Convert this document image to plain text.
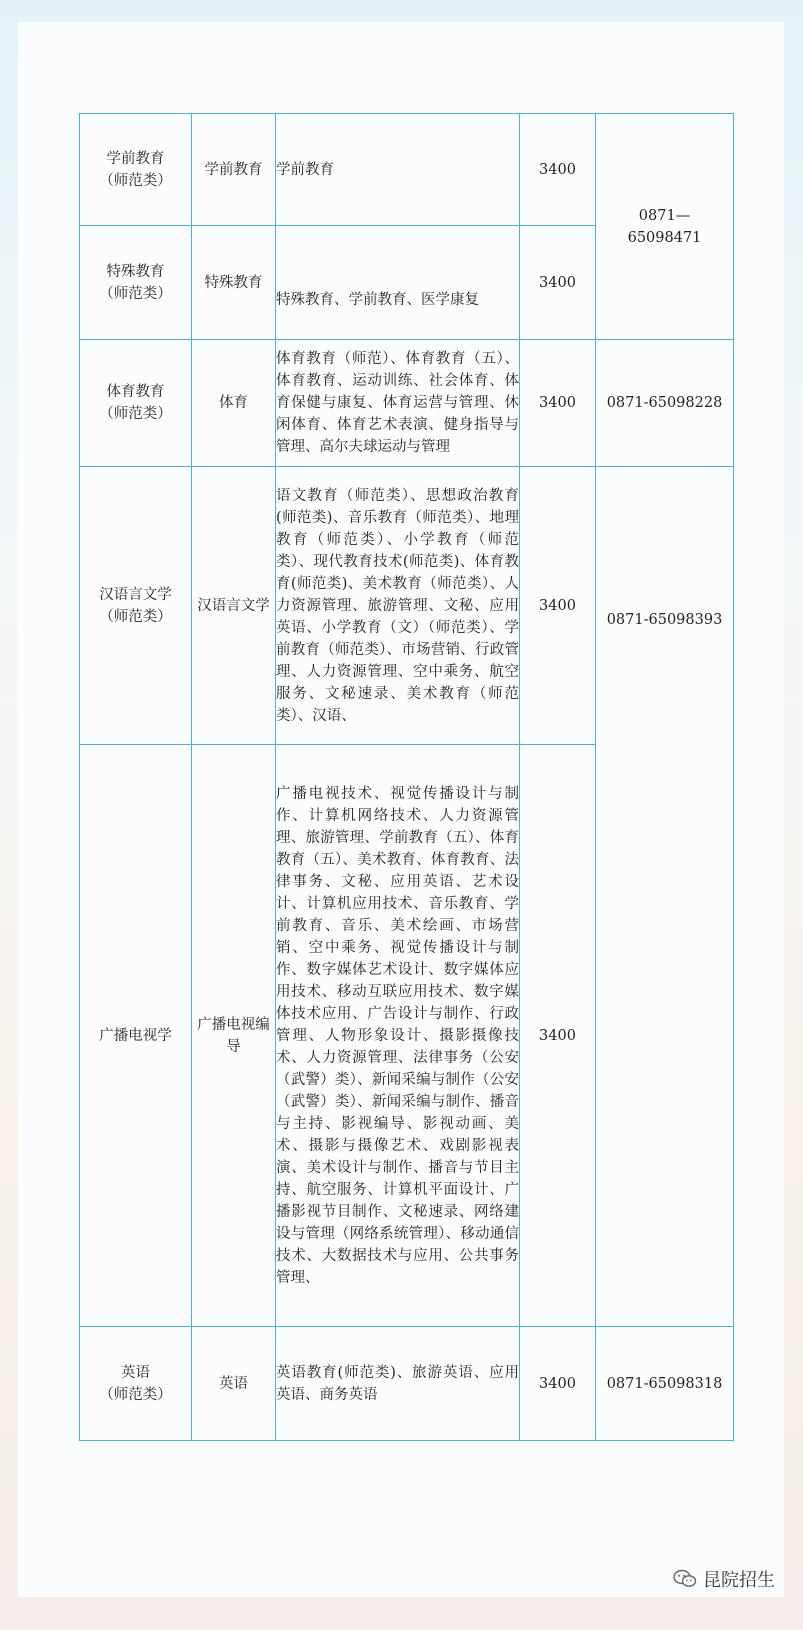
学前教育
（师范类）	学前教育	学前教育	3400	0871—65098471

特殊教育
（师范类）	特殊教育	特殊教育、学前教育、医学康复	3400	

体育教育
（师范类）	体育	体育教育（师范）、体育教育（五）、体育教育、运动训练、社会体育、体育保健与康复、体育运营与管理、休闲体育、体育艺术表演、健身指导与管理、高尔夫球运动与管理	3400	0871-65098228

汉语言文学
（师范类）	汉语言文学	语文教育（师范类）、思想政治教育(师范类)、音乐教育（师范类）、地理教育（师范类）、小学教育（师范类）、现代教育技术(师范类)、体育教育(师范类)、美术教育（师范类）、人力资源管理、旅游管理、文秘、应用英语、小学教育（文）（师范类）、学前教育（师范类）、市场营销、行政管理、人力资源管理、空中乘务、航空服务、文秘速录、美术教育（师范类）、汉语、	3400	0871-65098393

广播电视学	广播电视编导	广播电视技术、视觉传播设计与制作、计算机网络技术、人力资源管理、旅游管理、学前教育（五）、体育教育（五）、美术教育、体育教育、法律事务、文秘、应用英语、艺术设计、计算机应用技术、音乐教育、学前教育、音乐、美术绘画、市场营销、空中乘务、视觉传播设计与制作、数字媒体艺术设计、数字媒体应用技术、移动互联应用技术、数字媒体技术应用、广告设计与制作、行政管理、人物形象设计、摄影摄像技术、人力资源管理、法律事务（公安（武警）类）、新闻采编与制作（公安（武警）类）、新闻采编与制作、播音与主持、影视编导、影视动画、美术、摄影与摄像艺术、戏剧影视表演、美术设计与制作、播音与节目主持、航空服务、计算机平面设计、广播影视节目制作、文秘速录、网络建设与管理（网络系统管理）、移动通信技术、大数据技术与应用、公共事务管理、	3400	

英语
（师范类）	英语	英语教育(师范类)、旅游英语、应用英语、商务英语	3400	0871-65098318
昆院招生
